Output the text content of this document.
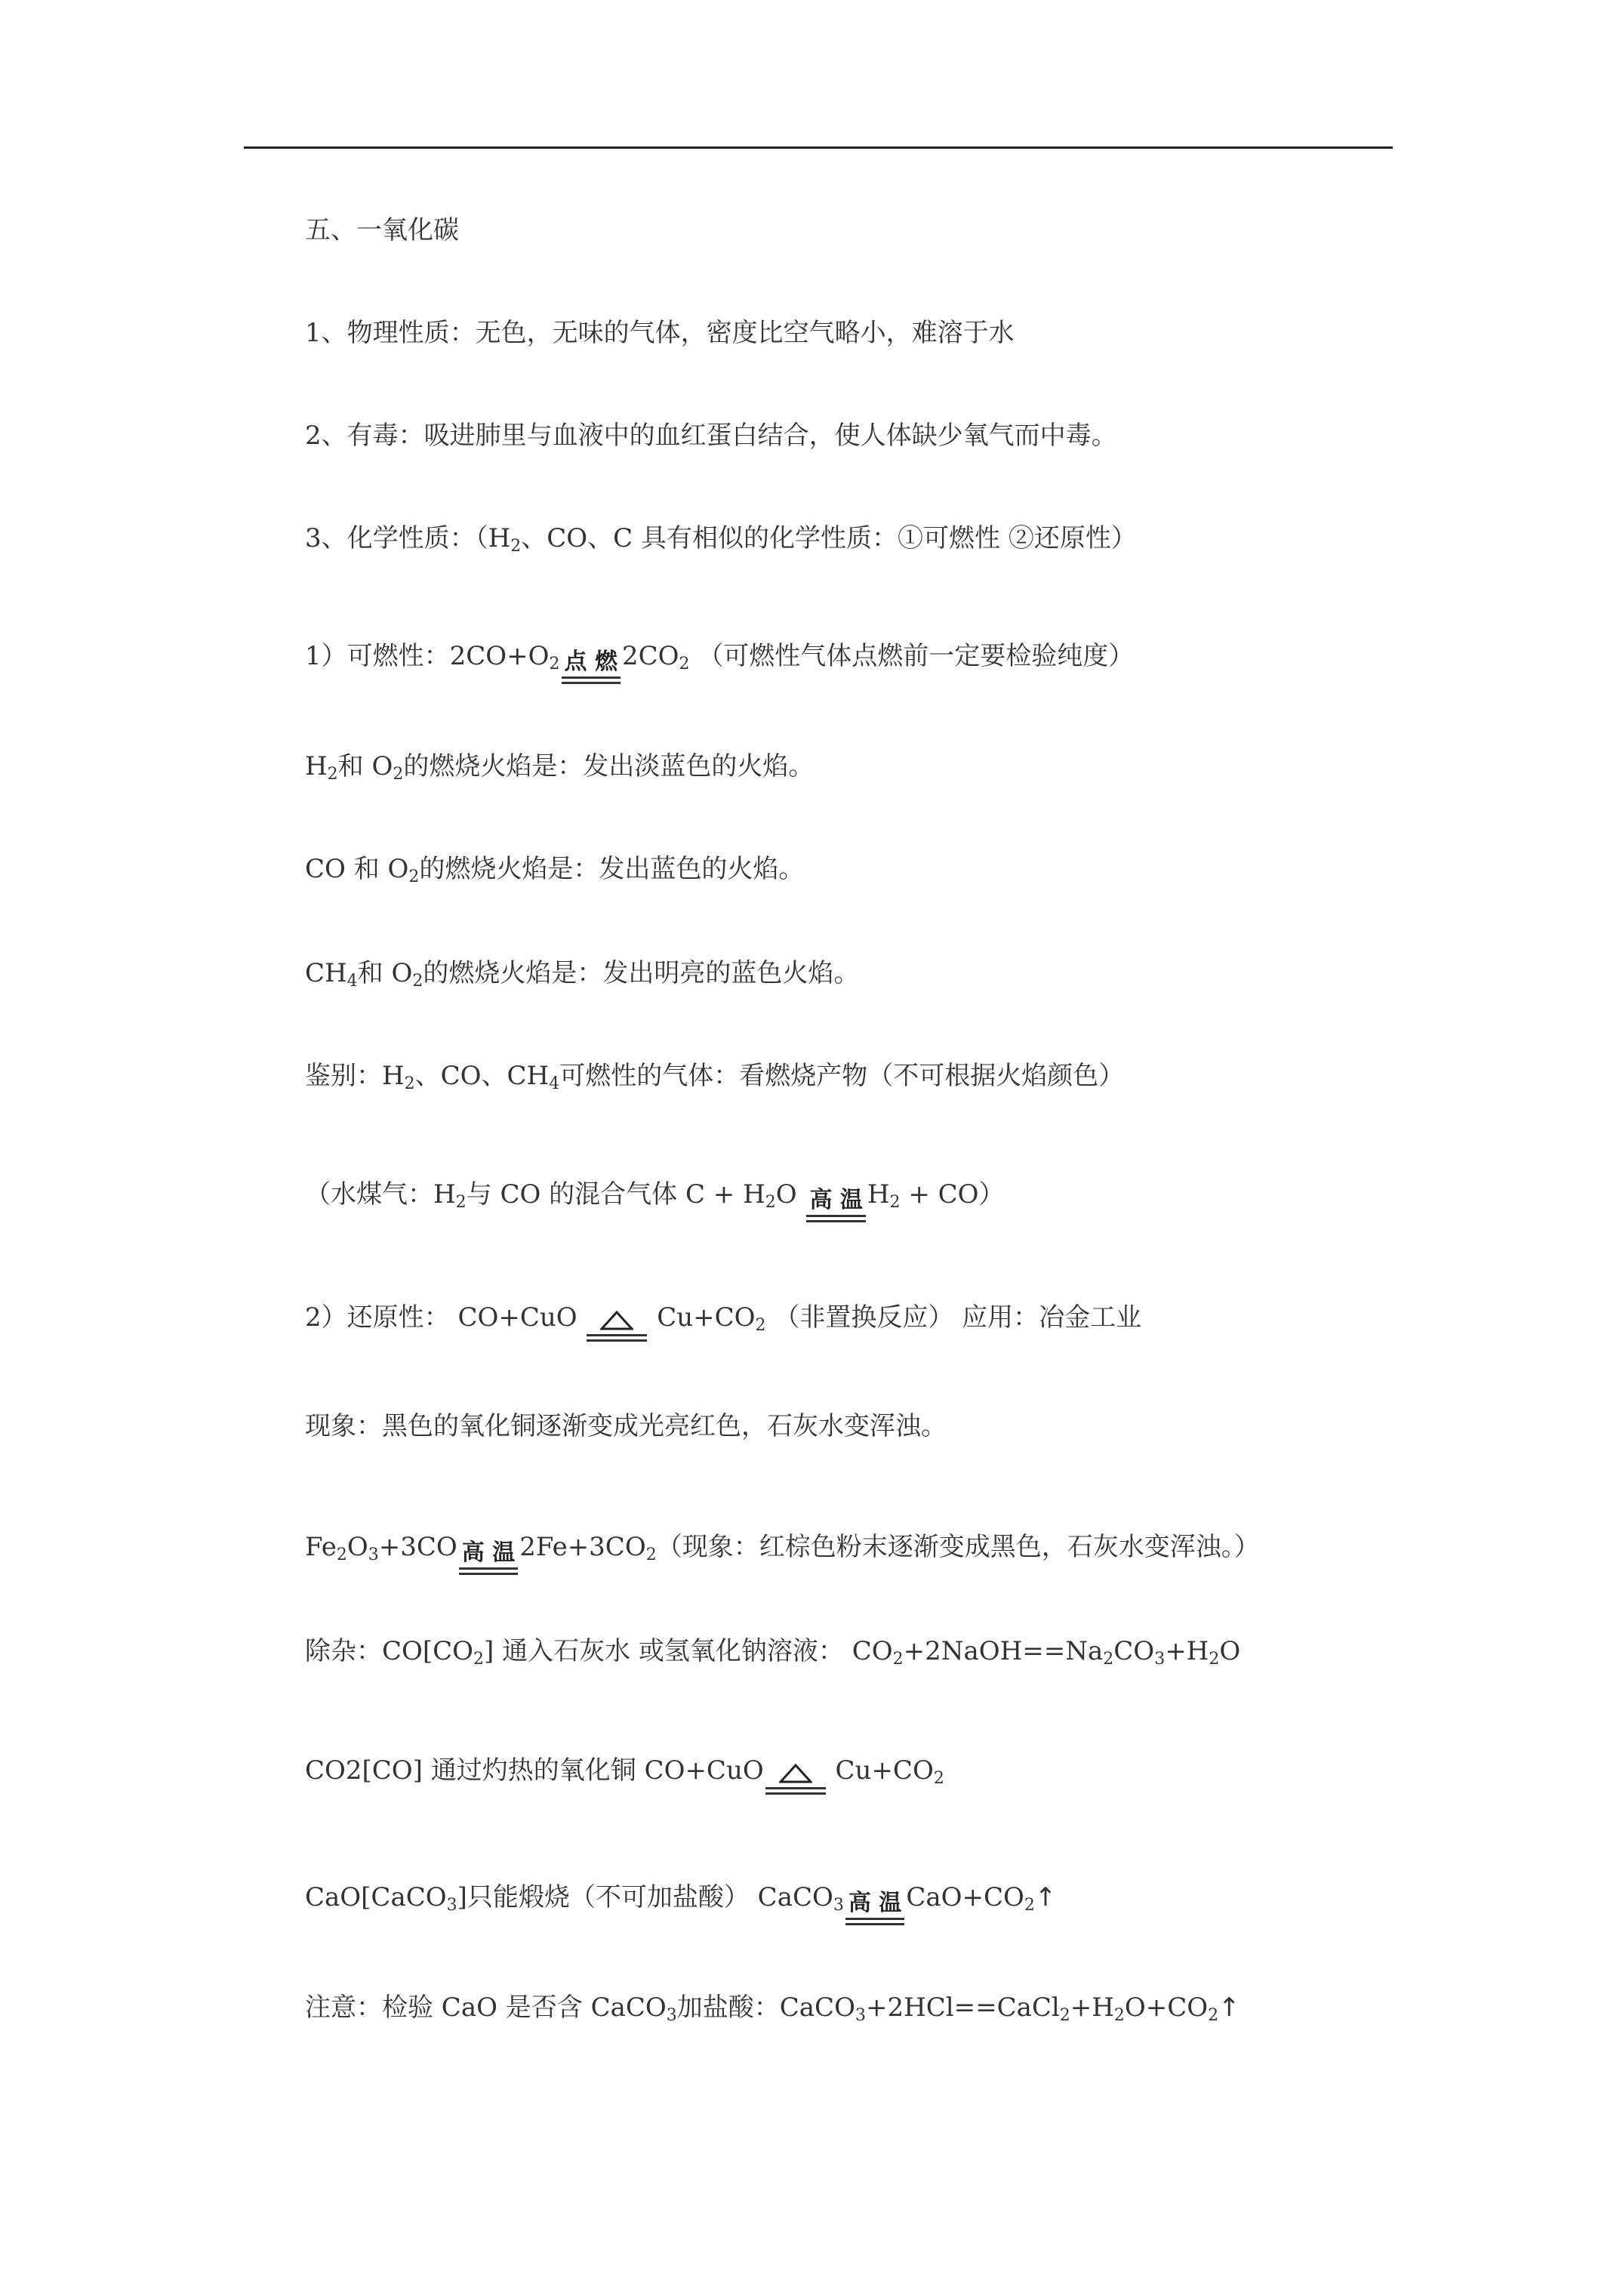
五、一氧化碳
1、物理性质：无色，无味的气体，密度比空气略小，难溶于水
2、有毒：吸进肺里与血液中的血红蛋白结合，使人体缺少氧气而中毒。
3、化学性质：（$H_2$、CO、C 具有相似的化学性质：①可燃性 ②还原性）
1）可燃性：$2CO+O_2$ 点 燃 $2CO_2$ （可燃性气体点燃前一定要检验纯度）
$H_2$和 $O_2$的燃烧火焰是：发出淡蓝色的火焰。
CO 和 $O_2$的燃烧火焰是：发出蓝色的火焰。
$CH_4$和 $O_2$的燃烧火焰是：发出明亮的蓝色火焰。
鉴别：$H_2$、CO、$CH_4$可燃性的气体：看燃烧产物（不可根据火焰颜色）
（水煤气：$H_2$与 CO 的混合气体 $C + H_2O$ 高 温 $H_2 + CO$）
2）还原性： CO+CuO	$Cu+CO_2$ （非置换反应） 应用：冶金工业
现象：黑色的氧化铜逐渐变成光亮红色，石灰水变浑浊。
$Fe_2O_3+3CO$ 高 温 $2Fe+3CO_2$（现象：红棕色粉末逐渐变成黑色，石灰水变浑浊。）
除杂：$CO[CO_2]$ 通入石灰水 或氢氧化钠溶液： $CO_2+2NaOH==Na_2CO_3+H_2O$
CO2[CO] 通过灼热的氧化铜 CO+CuO	$Cu+CO_2$
CaO[CaCO$_3$]只能煅烧（不可加盐酸） CaCO$_3$ 高 温 $CaO+CO_2↑$
注意：检验 CaO 是否含 CaCO$_3$加盐酸：$CaCO_3+2HCl==CaCl_2+H_2O+CO_2↑$
